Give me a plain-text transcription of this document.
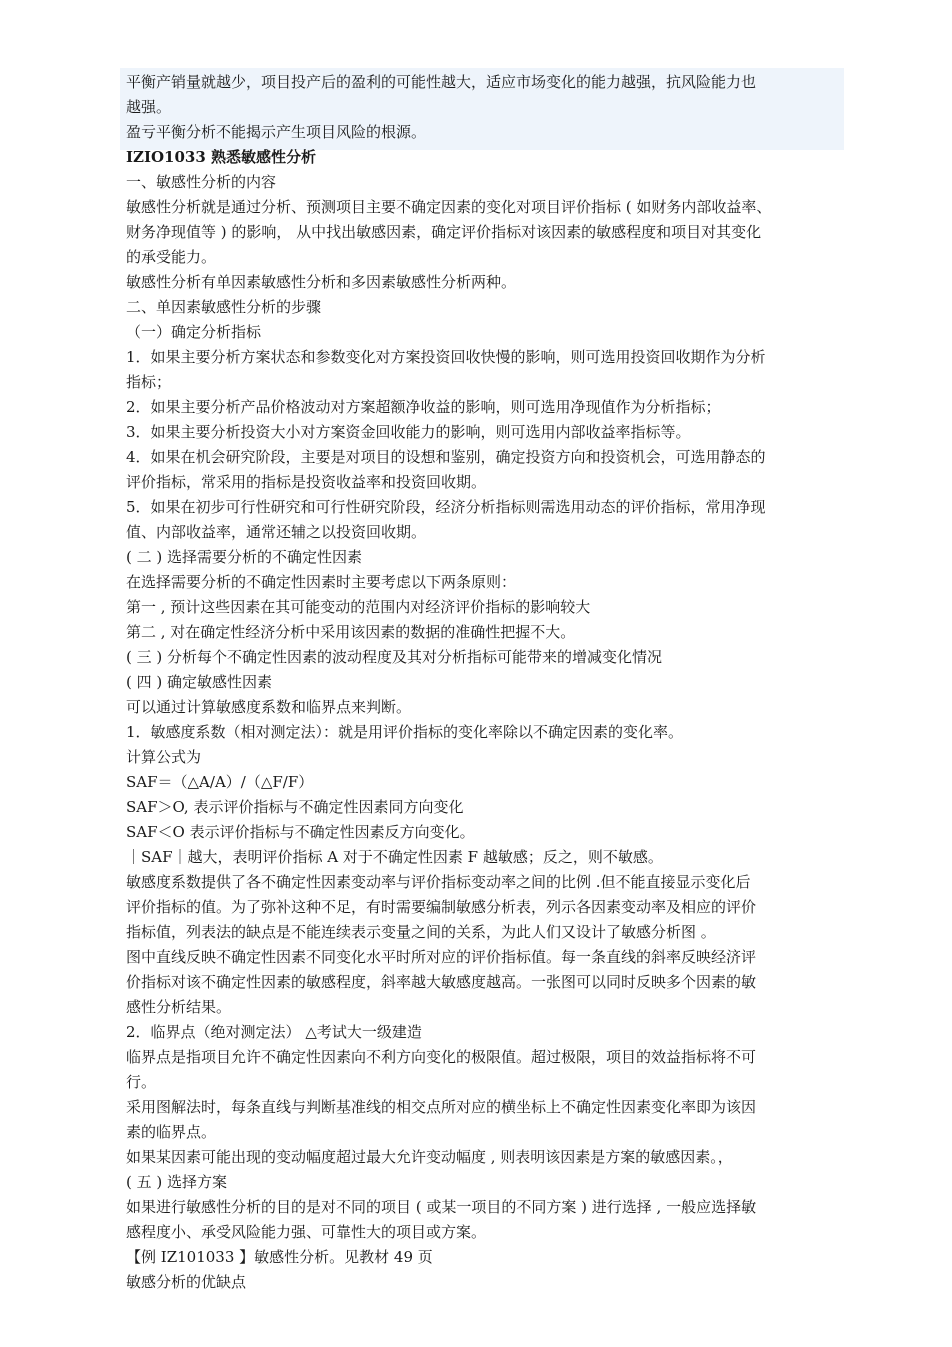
平衡产销量就越少，项目投产后的盈利的可能性越大，适应市场变化的能力越强，抗风险能力也

越强。

盈亏平衡分析不能揭示产生项目风险的根源。

IZIO1033 熟悉敏感性分析

一、敏感性分析的内容

敏感性分析就是通过分析、预测项目主要不确定因素的变化对项目评价指标 ( 如财务内部收益率、

财务净现值等 ) 的影响， 从中找出敏感因素，确定评价指标对该因素的敏感程度和项目对其变化

的承受能力。

敏感性分析有单因素敏感性分析和多因素敏感性分析两种。

二、单因素敏感性分析的步骤

（一）确定分析指标

1．如果主要分析方案状态和参数变化对方案投资回收快慢的影响，则可选用投资回收期作为分析

指标；

2．如果主要分析产品价格波动对方案超额净收益的影响，则可选用净现值作为分析指标；

3．如果主要分析投资大小对方案资金回收能力的影响，则可选用内部收益率指标等。

4．如果在机会研究阶段，主要是对项目的设想和鉴别，确定投资方向和投资机会，可选用静态的

评价指标，常采用的指标是投资收益率和投资回收期。

5．如果在初步可行性研究和可行性研究阶段，经济分析指标则需选用动态的评价指标，常用净现

值、内部收益率，通常还辅之以投资回收期。

( 二 ) 选择需要分析的不确定性因素

在选择需要分析的不确定性因素时主要考虑以下两条原则：

第一 , 预计这些因素在其可能变动的范围内对经济评价指标的影响较大

第二 , 对在确定性经济分析中采用该因素的数据的准确性把握不大。

( 三 ) 分析每个不确定性因素的波动程度及其对分析指标可能带来的增减变化情况

( 四 ) 确定敏感性因素

可以通过计算敏感度系数和临界点来判断。

1．敏感度系数（相对测定法）：就是用评价指标的变化率除以不确定因素的变化率。

计算公式为

SAF＝（△A/A）/（△F/F）

SAF＞O, 表示评价指标与不确定性因素同方向变化

SAF＜O 表示评价指标与不确定性因素反方向变化。

｜SAF｜越大，表明评价指标 A 对于不确定性因素 F 越敏感；反之，则不敏感。

敏感度系数提供了各不确定性因素变动率与评价指标变动率之间的比例 .但不能直接显示变化后

评价指标的值。为了弥补这种不足，有时需要编制敏感分析表，列示各因素变动率及相应的评价

指标值，列表法的缺点是不能连续表示变量之间的关系，为此人们又设计了敏感分析图 。

图中直线反映不确定性因素不同变化水平时所对应的评价指标值。每一条直线的斜率反映经济评

价指标对该不确定性因素的敏感程度，斜率越大敏感度越高。一张图可以同时反映多个因素的敏

感性分析结果。

2．临界点（绝对测定法） △考试大一级建造

临界点是指项目允许不确定性因素向不利方向变化的极限值。超过极限，项目的效益指标将不可

行。

采用图解法时，每条直线与判断基准线的相交点所对应的横坐标上不确定性因素变化率即为该因

素的临界点。

如果某因素可能出现的变动幅度超过最大允许变动幅度 , 则表明该因素是方案的敏感因素。，

( 五 ) 选择方案

如果进行敏感性分析的目的是对不同的项目 ( 或某一项目的不同方案 ) 进行选择 , 一般应选择敏

感程度小、承受风险能力强、可靠性大的项目或方案。

【例 IZ101033 】敏感性分析。见教材 49 页

敏感分析的优缺点
